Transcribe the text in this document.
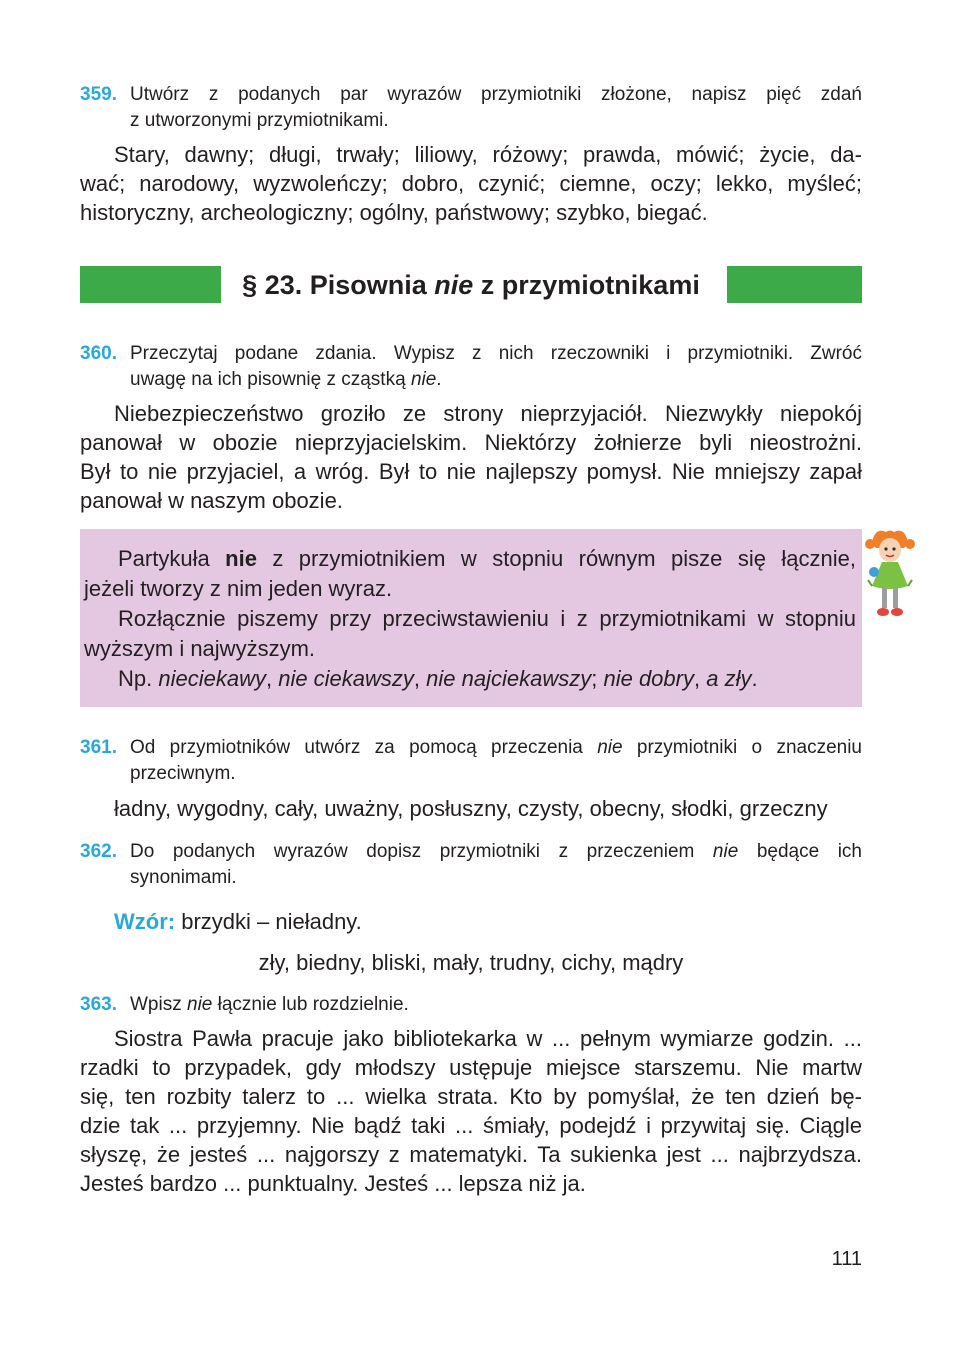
359. Utwórz z podanych par wyrazów przymiotniki złożone, napisz pięć zdań
z utworzonymi przymiotnikami.

Stary, dawny; długi, trwały; liliowy, różowy; prawda, mówić; życie, da-

wać; narodowy, wyzwoleńczy; dobro, czynić; ciemne, oczy; lekko, myśleć;

historyczny, archeologiczny; ogólny, państwowy; szybko, biegać.

§ 23. Pisownia nie z przymiotnikami
360. Przeczytaj podane zdania. Wypisz z nich rzeczowniki i przymiotniki. Zwróć
uwagę na ich pisownię z cząstką nie.

Niebezpieczeństwo groziło ze strony nieprzyjaciół. Niezwykły niepokój

panował w obozie nieprzyjacielskim. Niektórzy żołnierze byli nieostrożni.

Był to nie przyjaciel, a wróg. Był to nie najlepszy pomysł. Nie mniejszy zapał

panował w naszym obozie.

Partykuła nie z przymiotnikiem w stopniu równym pisze się łącznie,

jeżeli tworzy z nim jeden wyraz.

Rozłącznie piszemy przy przeciwstawieniu i z przymiotnikami w stopniu

wyższym i najwyższym.

Np. nieciekawy, nie ciekawszy, nie najciekawszy; nie dobry, a zły.

361. Od przymiotników utwórz za pomocą przeczenia nie przymiotniki o znaczeniu
przeciwnym.

ładny, wygodny, cały, uważny, posłuszny, czysty, obecny, słodki, grzeczny

362. Do podanych wyrazów dopisz przymiotniki z przeczeniem nie będące ich
synonimami.

Wzór: brzydki – nieładny.

zły, biedny, bliski, mały, trudny, cichy, mądry

363. Wpisz nie łącznie lub rozdzielnie.

Siostra Pawła pracuje jako bibliotekarka w ... pełnym wymiarze godzin. ...

rzadki to przypadek, gdy młodszy ustępuje miejsce starszemu. Nie martw

się, ten rozbity talerz to ... wielka strata. Kto by pomyślał, że ten dzień bę-

dzie tak ... przyjemny. Nie bądź taki ... śmiały, podejdź i przywitaj się. Ciągle

słyszę, że jesteś ... najgorszy z matematyki. Ta sukienka jest ... najbrzydsza.

Jesteś bardzo ... punktualny. Jesteś ... lepsza niż ja.

111
